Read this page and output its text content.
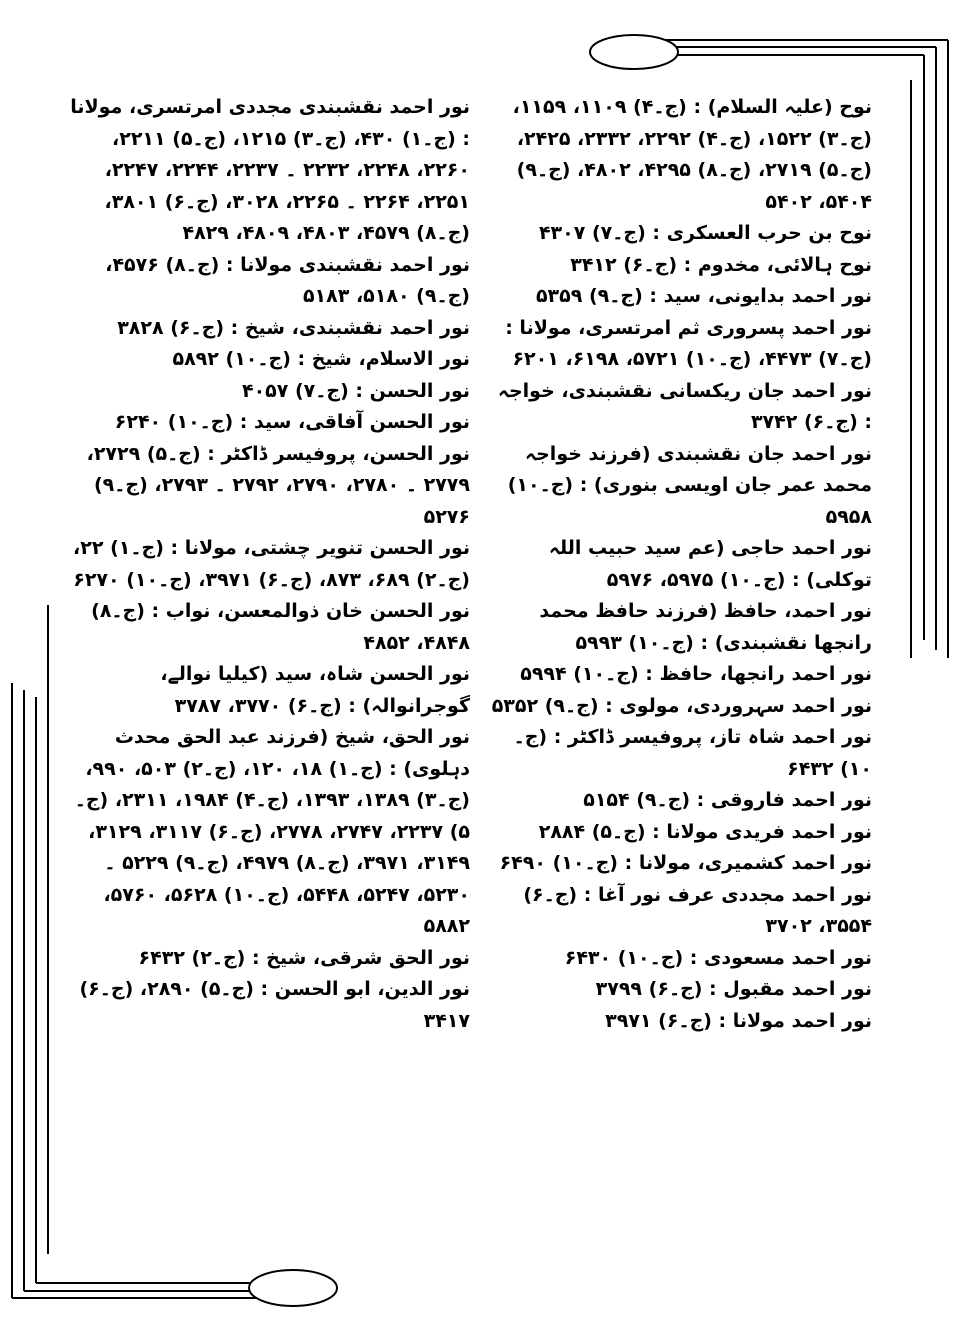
نوح (علیہ السلام) : (ج۔۴) ۱۱۰۹، ۱۱۵۹، (ج۔۳) ۱۵۲۲، (ج۔۴) ۲۲۹۲، ۲۳۳۲، ۲۴۲۵، (ج۔۵) ۲۷۱۹، (ج۔۸) ۴۲۹۵، ۴۸۰۲، (ج۔۹) ۵۴۰۴، ۵۴۰۲

نوح بن حرب العسکری : (ج۔۷) ۴۳۰۷

نوح ہالائی، مخدوم : (ج۔۶) ۳۴۱۲

نور احمد بدایونی، سید : (ج۔۹) ۵۳۵۹

نور احمد پسروری ثم امرتسری، مولانا : (ج۔۷) ۴۴۷۳، (ج۔۱۰) ۵۷۲۱، ۶۱۹۸، ۶۲۰۱

نور احمد جان ریکسانی نقشبندی، خواجہ : (ج۔۶) ۳۷۴۲

نور احمد جان نقشبندی (فرزند خواجہ محمد عمر جان اویسی بنوری) : (ج۔۱۰) ۵۹۵۸

نور احمد حاجی (عم سید حبیب اللہ توکلی) : (ج۔۱۰) ۵۹۷۵، ۵۹۷۶

نور احمد، حافظ (فرزند حافظ محمد رانجھا نقشبندی) : (ج۔۱۰) ۵۹۹۳

نور احمد رانجھا، حافظ : (ج۔۱۰) ۵۹۹۴

نور احمد سہروردی، مولوی : (ج۔۹) ۵۳۵۲

نور احمد شاہ تاز، پروفیسر ڈاکٹر : (ج۔۱۰) ۶۴۳۲

نور احمد فاروقی : (ج۔۹) ۵۱۵۴

نور احمد فریدی مولانا : (ج۔۵) ۲۸۸۴

نور احمد کشمیری، مولانا : (ج۔۱۰) ۶۴۹۰

نور احمد مجددی عرف نور آغا : (ج۔۶) ۳۵۵۴، ۳۷۰۲

نور احمد مسعودی : (ج۔۱۰) ۶۴۳۰

نور احمد مقبول : (ج۔۶) ۳۷۹۹

نور احمد مولانا : (ج۔۶) ۳۹۷۱

نور احمد نقشبندی مجددی امرتسری، مولانا : (ج۔۱) ۴۳۰، (ج۔۳) ۱۲۱۵، (ج۔۵) ۲۲۱۱، ۲۲۶۰، ۲۲۴۸، ۲۲۳۲ ۔ ۲۲۳۷، ۲۲۴۴، ۲۲۴۷، ۲۲۵۱، ۲۲۶۴ ۔ ۲۲۶۵، ۳۰۲۸، (ج۔۶) ۳۸۰۱، (ج۔۸) ۴۵۷۹، ۴۸۰۳، ۴۸۰۹، ۴۸۲۹

نور احمد نقشبندی مولانا : (ج۔۸) ۴۵۷۶، (ج۔۹) ۵۱۸۰، ۵۱۸۳

نور احمد نقشبندی، شیخ : (ج۔۶) ۳۸۲۸

نور الاسلام، شیخ : (ج۔۱۰) ۵۸۹۲

نور الحسن : (ج۔۷) ۴۰۵۷

نور الحسن آفاقی، سید : (ج۔۱۰) ۶۲۴۰

نور الحسن، پروفیسر ڈاکٹر : (ج۔۵) ۲۷۲۹، ۲۷۷۹ ۔ ۲۷۸۰، ۲۷۹۰، ۲۷۹۲ ۔ ۲۷۹۳، (ج۔۹) ۵۲۷۶

نور الحسن تنویر چشتی، مولانا : (ج۔۱) ۲۲، (ج۔۲) ۶۸۹، ۸۷۳، (ج۔۶) ۳۹۷۱، (ج۔۱۰) ۶۲۷۰

نور الحسن خان ذوالمعسن، نواب : (ج۔۸) ۴۸۴۸، ۴۸۵۲

نور الحسن شاہ، سید (کیلیا نوالے، گوجرانوالہ) : (ج۔۶) ۳۷۷۰، ۳۷۸۷

نور الحق، شیخ (فرزند عبد الحق محدث دہلوی) : (ج۔۱) ۱۸، ۱۲۰، (ج۔۲) ۵۰۳، ۹۹۰، (ج۔۳) ۱۳۸۹، ۱۳۹۳، (ج۔۴) ۱۹۸۴، ۲۳۱۱، (ج۔۵) ۲۲۳۷، ۲۷۴۷، ۲۷۷۸، (ج۔۶) ۳۱۱۷، ۳۱۲۹، ۳۱۴۹، ۳۹۷۱، (ج۔۸) ۴۹۷۹، (ج۔۹) ۵۲۲۹ ۔ ۵۲۳۰، ۵۲۴۷، ۵۴۴۸، (ج۔۱۰) ۵۶۲۸، ۵۷۶۰، ۵۸۸۲

نور الحق شرقی، شیخ : (ج۔۲) ۶۴۳۲

نور الدین، ابو الحسن : (ج۔۵) ۲۸۹۰، (ج۔۶) ۳۴۱۷
